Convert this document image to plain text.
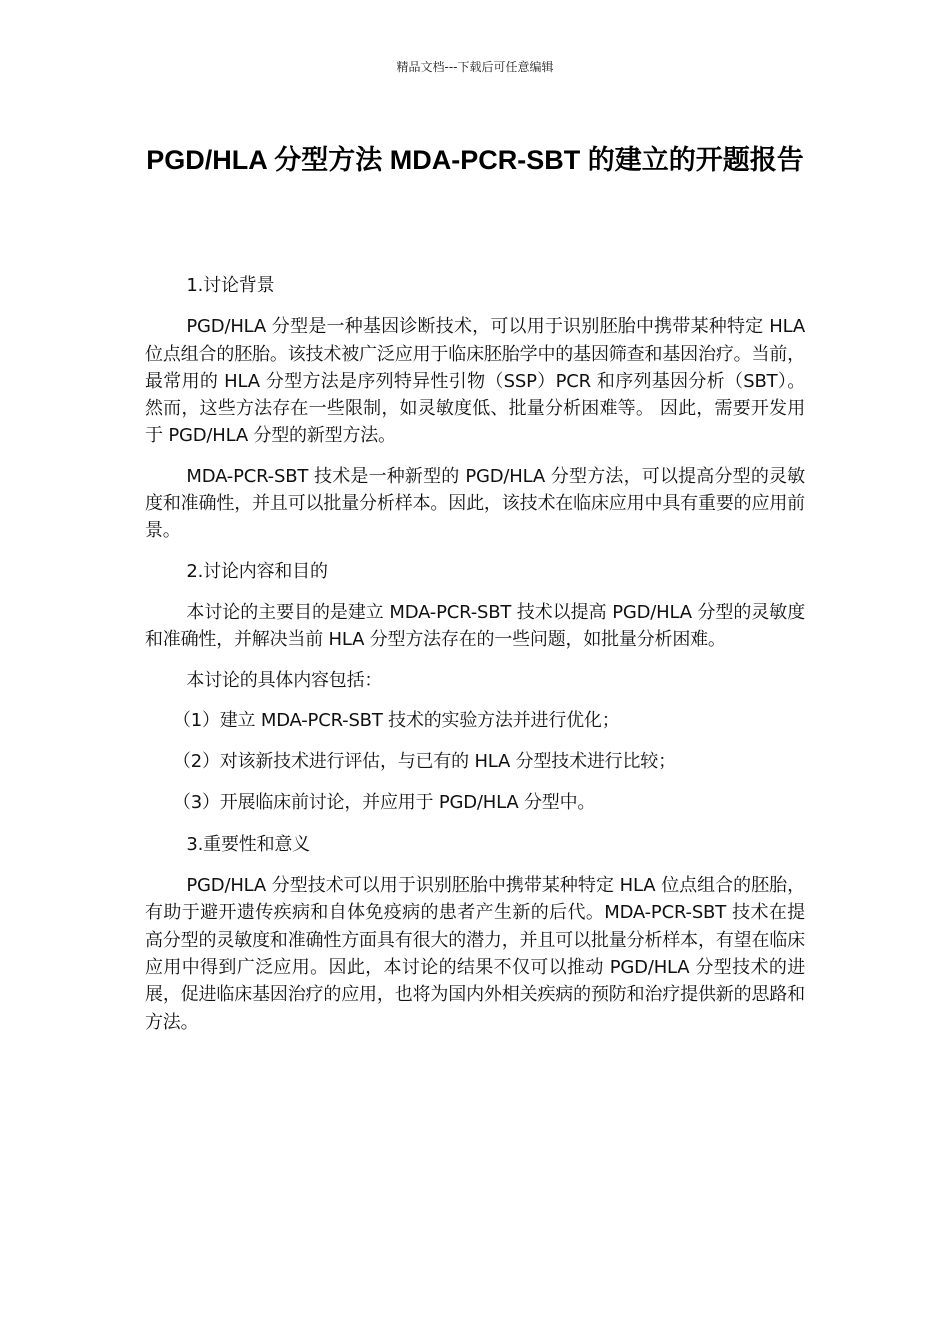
精品文档---下载后可任意编辑
PGD/HLA 分型方法 MDA-PCR-SBT 的建立的开题报告

1.讨论背景

PGD/HLA 分型是一种基因诊断技术，可以用于识别胚胎中携带某种特定 HLA 位点组合的胚胎。该技术被广泛应用于临床胚胎学中的基因筛查和基因治疗。当前，最常用的 HLA 分型方法是序列特异性引物（SSP）PCR 和序列基因分析（SBT）。然而，这些方法存在一些限制，如灵敏度低、批量分析困难等。 因此，需要开发用于 PGD/HLA 分型的新型方法。

MDA-PCR-SBT 技术是一种新型的 PGD/HLA 分型方法，可以提高分型的灵敏度和准确性，并且可以批量分析样本。因此，该技术在临床应用中具有重要的应用前景。

2.讨论内容和目的

本讨论的主要目的是建立 MDA-PCR-SBT 技术以提高 PGD/HLA 分型的灵敏度和准确性，并解决当前 HLA 分型方法存在的一些问题，如批量分析困难。

本讨论的具体内容包括：

（1）建立 MDA-PCR-SBT 技术的实验方法并进行优化；

（2）对该新技术进行评估，与已有的 HLA 分型技术进行比较；

（3）开展临床前讨论，并应用于 PGD/HLA 分型中。

3.重要性和意义

PGD/HLA 分型技术可以用于识别胚胎中携带某种特定 HLA 位点组合的胚胎，有助于避开遗传疾病和自体免疫病的患者产生新的后代。MDA-PCR-SBT 技术在提高分型的灵敏度和准确性方面具有很大的潜力，并且可以批量分析样本，有望在临床应用中得到广泛应用。因此，本讨论的结果不仅可以推动 PGD/HLA 分型技术的进展，促进临床基因治疗的应用，也将为国内外相关疾病的预防和治疗提供新的思路和方法。
